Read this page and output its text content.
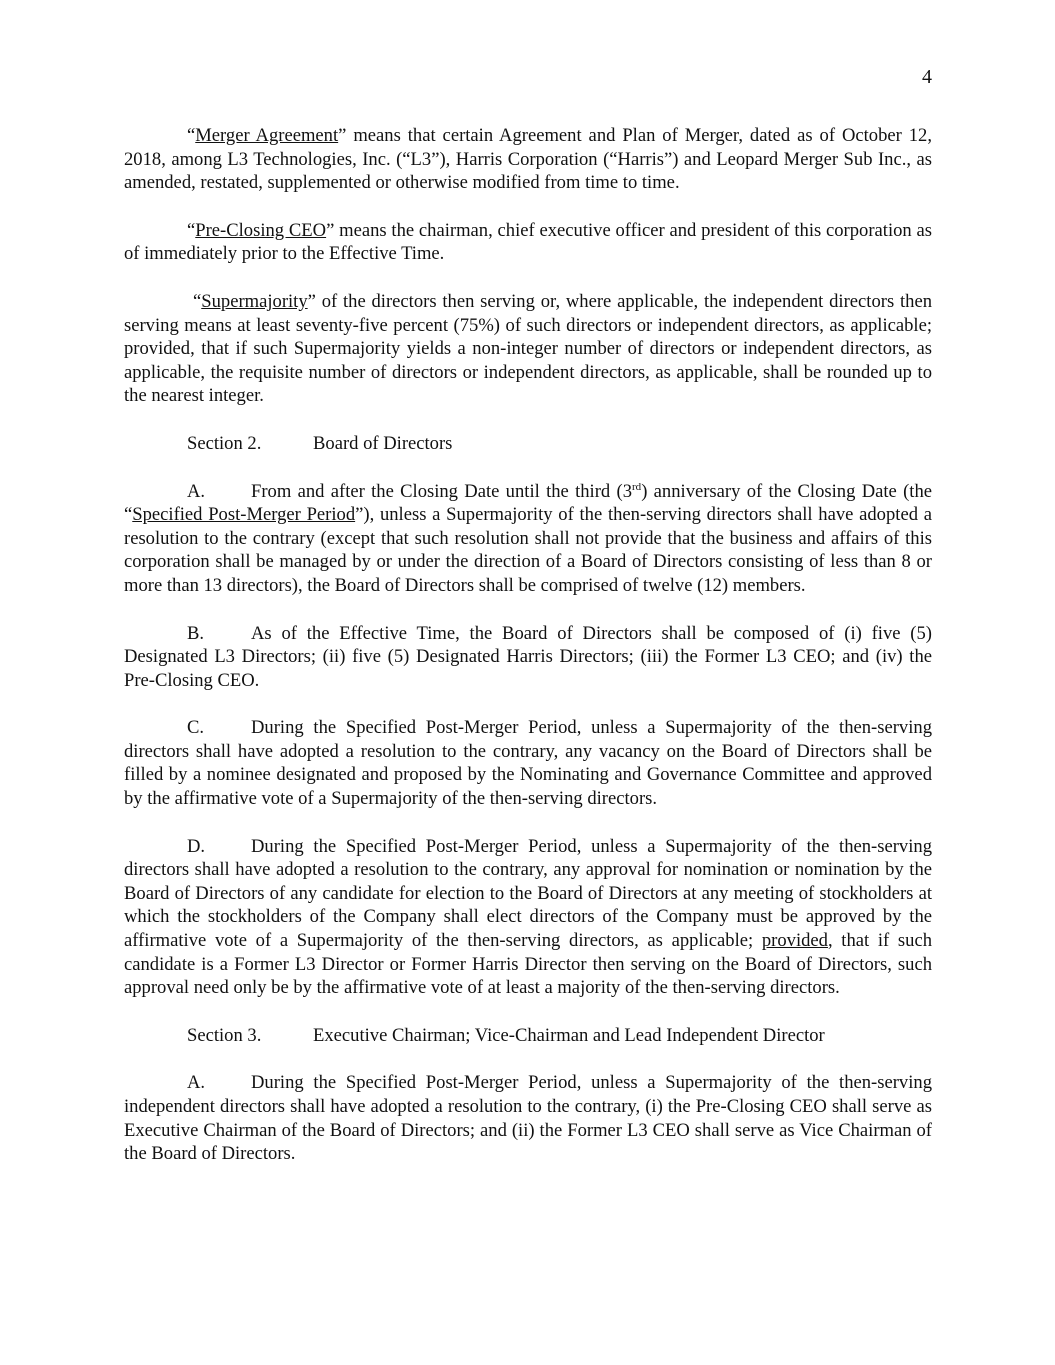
4

“Merger Agreement” means that certain Agreement and Plan of Merger, dated as of October 12, 2018, among L3 Technologies, Inc. (“L3”), Harris Corporation (“Harris”) and Leopard Merger Sub Inc., as amended, restated, supplemented or otherwise modified from time to time.

“Pre-Closing CEO” means the chairman, chief executive officer and president of this corporation as of immediately prior to the Effective Time.

“Supermajority” of the directors then serving or, where applicable, the independent directors then serving means at least seventy-five percent (75%) of such directors or independent directors, as applicable; provided, that if such Supermajority yields a non-integer number of directors or independent directors, as applicable, the requisite number of directors or independent directors, as applicable, shall be rounded up to the nearest integer.

Section 2.	Board of Directors

A. From and after the Closing Date until the third (3rd) anniversary of the Closing Date (the “Specified Post-Merger Period”), unless a Supermajority of the then-serving directors shall have adopted a resolution to the contrary (except that such resolution shall not provide that the business and affairs of this corporation shall be managed by or under the direction of a Board of Directors consisting of less than 8 or more than 13 directors), the Board of Directors shall be comprised of twelve (12) members.

B.	As of the Effective Time, the Board of Directors shall be composed of (i) five (5) Designated L3 Directors; (ii) five (5) Designated Harris Directors; (iii) the Former L3 CEO; and (iv) the Pre-Closing CEO.

C.	During the Specified Post-Merger Period, unless a Supermajority of the then-serving directors shall have adopted a resolution to the contrary, any vacancy on the Board of Directors shall be filled by a nominee designated and proposed by the Nominating and Governance Committee and approved by the affirmative vote of a Supermajority of the then-serving directors.

D. During the Specified Post-Merger Period, unless a Supermajority of the then-serving directors shall have adopted a resolution to the contrary, any approval for nomination or nomination by the Board of Directors of any candidate for election to the Board of Directors at any meeting of stockholders at which the stockholders of the Company shall elect directors of the Company must be approved by the affirmative vote of a Supermajority of the then-serving directors, as applicable; provided, that if such candidate is a Former L3 Director or Former Harris Director then serving on the Board of Directors, such approval need only be by the affirmative vote of at least a majority of the then-serving directors.

Section 3.	Executive Chairman; Vice-Chairman and Lead Independent Director

A. During the Specified Post-Merger Period, unless a Supermajority of the then-serving independent directors shall have adopted a resolution to the contrary, (i) the Pre-Closing CEO shall serve as Executive Chairman of the Board of Directors; and (ii) the Former L3 CEO shall serve as Vice Chairman of the Board of Directors.
